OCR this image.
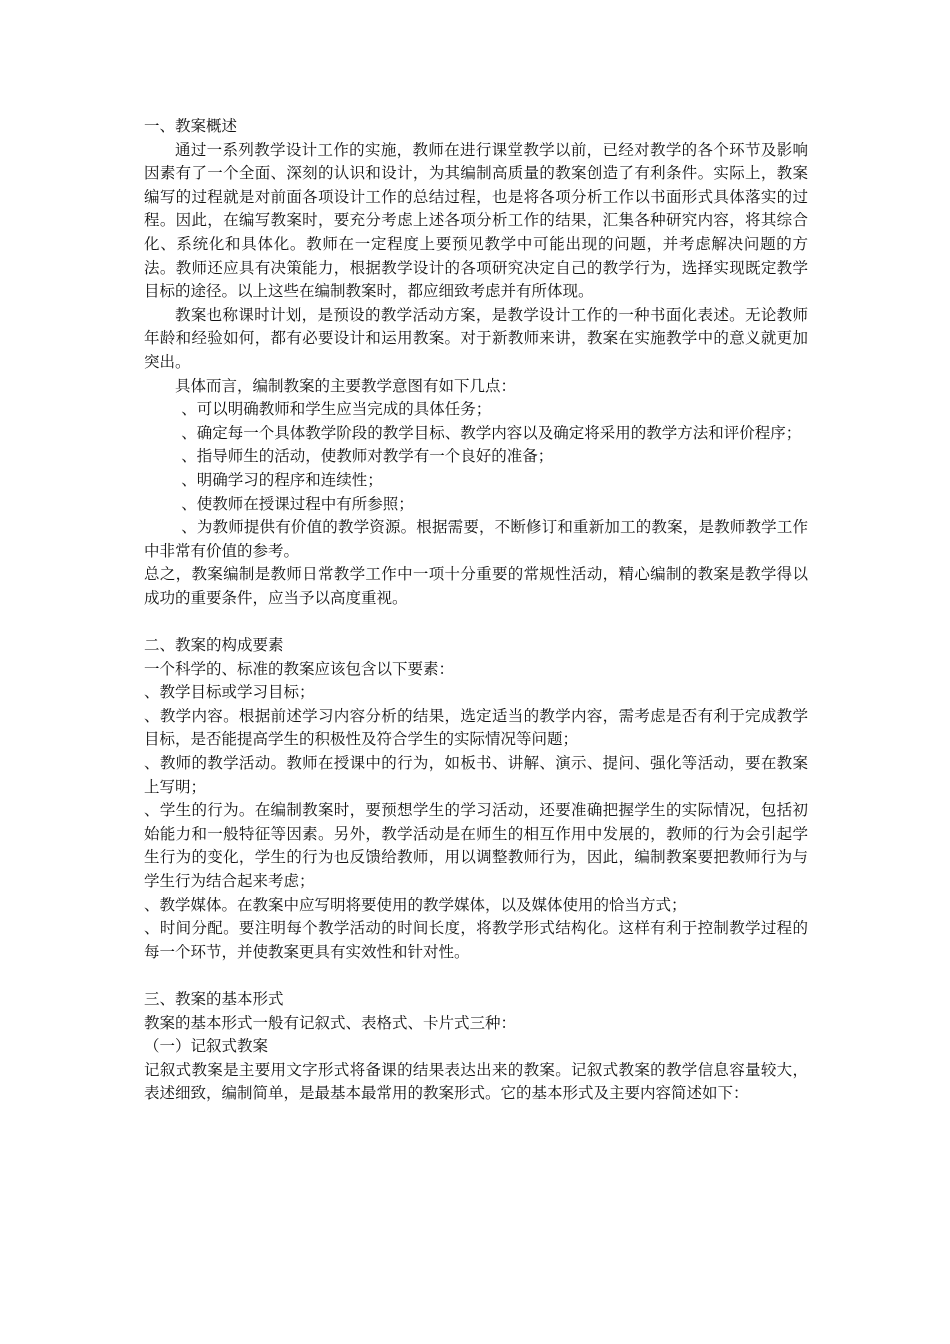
一、教案概述

通过一系列教学设计工作的实施，教师在进行课堂教学以前，已经对教学的各个环节及影响因素有了一个全面、深刻的认识和设计，为其编制高质量的教案创造了有利条件。实际上，教案编写的过程就是对前面各项设计工作的总结过程，也是将各项分析工作以书面形式具体落实的过程。因此，在编写教案时，要充分考虑上述各项分析工作的结果，汇集各种研究内容，将其综合化、系统化和具体化。教师在一定程度上要预见教学中可能出现的问题，并考虑解决问题的方法。教师还应具有决策能力，根据教学设计的各项研究决定自己的教学行为，选择实现既定教学目标的途径。以上这些在编制教案时，都应细致考虑并有所体现。

教案也称课时计划，是预设的教学活动方案，是教学设计工作的一种书面化表述。无论教师年龄和经验如何，都有必要设计和运用教案。对于新教师来讲，教案在实施教学中的意义就更加突出。

具体而言，编制教案的主要教学意图有如下几点：

、可以明确教师和学生应当完成的具体任务；

、确定每一个具体教学阶段的教学目标、教学内容以及确定将采用的教学方法和评价程序；

、指导师生的活动，使教师对教学有一个良好的准备；

、明确学习的程序和连续性；

、使教师在授课过程中有所参照；

、为教师提供有价值的教学资源。根据需要，不断修订和重新加工的教案，是教师教学工作中非常有价值的参考。

总之，教案编制是教师日常教学工作中一项十分重要的常规性活动，精心编制的教案是教学得以成功的重要条件，应当予以高度重视。

二、教案的构成要素

一个科学的、标准的教案应该包含以下要素：

、教学目标或学习目标；

、教学内容。根据前述学习内容分析的结果，选定适当的教学内容，需考虑是否有利于完成教学目标，是否能提高学生的积极性及符合学生的实际情况等问题；

、教师的教学活动。教师在授课中的行为，如板书、讲解、演示、提问、强化等活动，要在教案上写明；

、学生的行为。在编制教案时，要预想学生的学习活动，还要准确把握学生的实际情况，包括初始能力和一般特征等因素。另外，教学活动是在师生的相互作用中发展的，教师的行为会引起学生行为的变化，学生的行为也反馈给教师，用以调整教师行为，因此，编制教案要把教师行为与学生行为结合起来考虑；

、教学媒体。在教案中应写明将要使用的教学媒体，以及媒体使用的恰当方式；

、时间分配。要注明每个教学活动的时间长度，将教学形式结构化。这样有利于控制教学过程的每一个环节，并使教案更具有实效性和针对性。

三、教案的基本形式

教案的基本形式一般有记叙式、表格式、卡片式三种：

（一）记叙式教案

记叙式教案是主要用文字形式将备课的结果表达出来的教案。记叙式教案的教学信息容量较大，表述细致，编制简单，是最基本最常用的教案形式。它的基本形式及主要内容简述如下：
